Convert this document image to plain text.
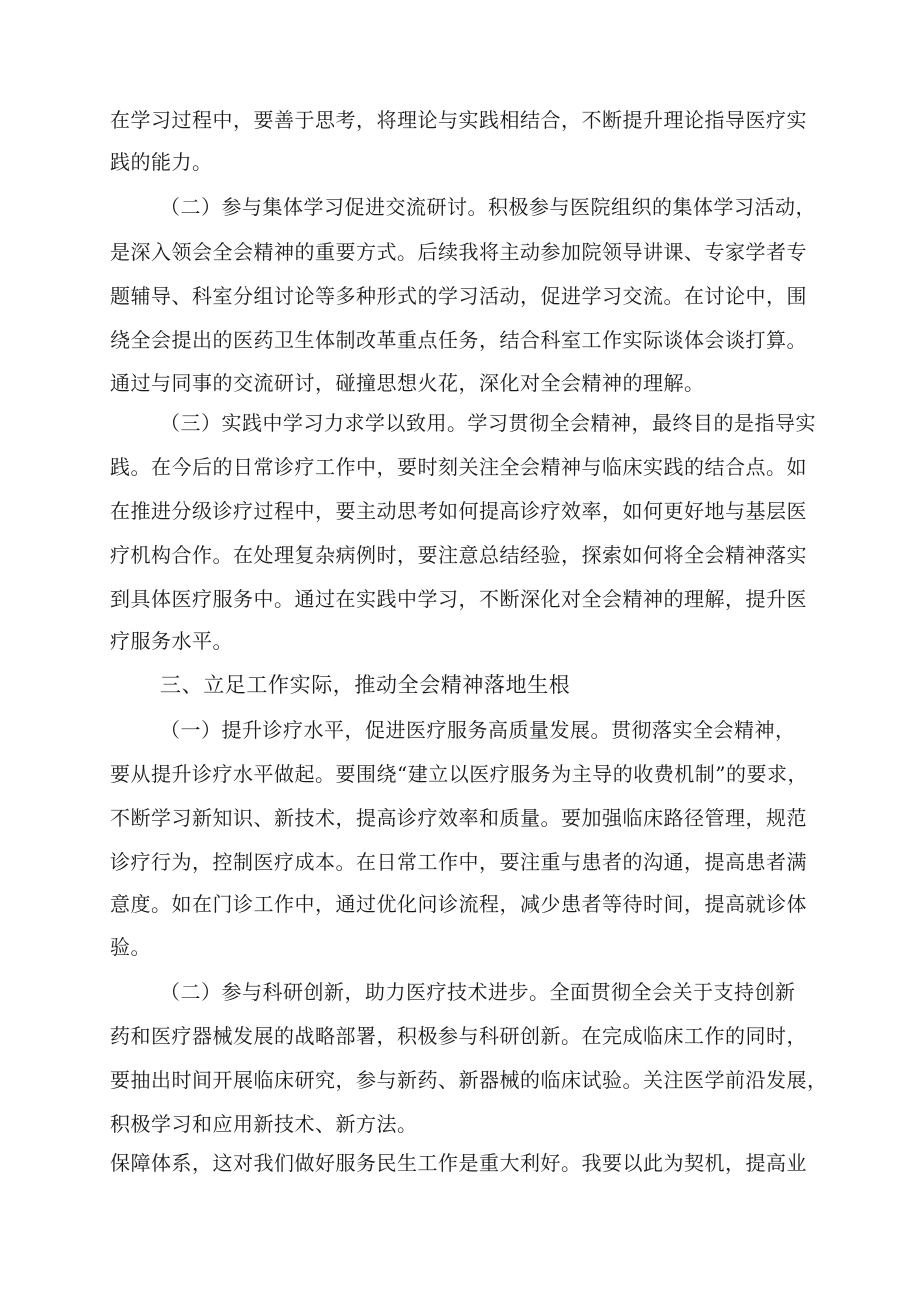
在学习过程中，要善于思考，将理论与实践相结合，不断提升理论指导医疗实
践的能力。
（二）参与集体学习促进交流研讨。积极参与医院组织的集体学习活动，
是深入领会全会精神的重要方式。后续我将主动参加院领导讲课、专家学者专
题辅导、科室分组讨论等多种形式的学习活动，促进学习交流。在讨论中，围
绕全会提出的医药卫生体制改革重点任务，结合科室工作实际谈体会谈打算。
通过与同事的交流研讨，碰撞思想火花，深化对全会精神的理解。
（三）实践中学习力求学以致用。学习贯彻全会精神，最终目的是指导实
践。在今后的日常诊疗工作中，要时刻关注全会精神与临床实践的结合点。如
在推进分级诊疗过程中，要主动思考如何提高诊疗效率，如何更好地与基层医
疗机构合作。在处理复杂病例时，要注意总结经验，探索如何将全会精神落实
到具体医疗服务中。通过在实践中学习，不断深化对全会精神的理解，提升医
疗服务水平。
三、立足工作实际，推动全会精神落地生根
（一）提升诊疗水平，促进医疗服务高质量发展。贯彻落实全会精神，
要从提升诊疗水平做起。要围绕“建立以医疗服务为主导的收费机制”的要求，
不断学习新知识、新技术，提高诊疗效率和质量。要加强临床路径管理，规范
诊疗行为，控制医疗成本。在日常工作中，要注重与患者的沟通，提高患者满
意度。如在门诊工作中，通过优化问诊流程，减少患者等待时间，提高就诊体
验。
（二）参与科研创新，助力医疗技术进步。全面贯彻全会关于支持创新
药和医疗器械发展的战略部署，积极参与科研创新。在完成临床工作的同时，
要抽出时间开展临床研究，参与新药、新器械的临床试验。关注医学前沿发展，
积极学习和应用新技术、新方法。
保障体系，这对我们做好服务民生工作是重大利好。我要以此为契机，提高业
